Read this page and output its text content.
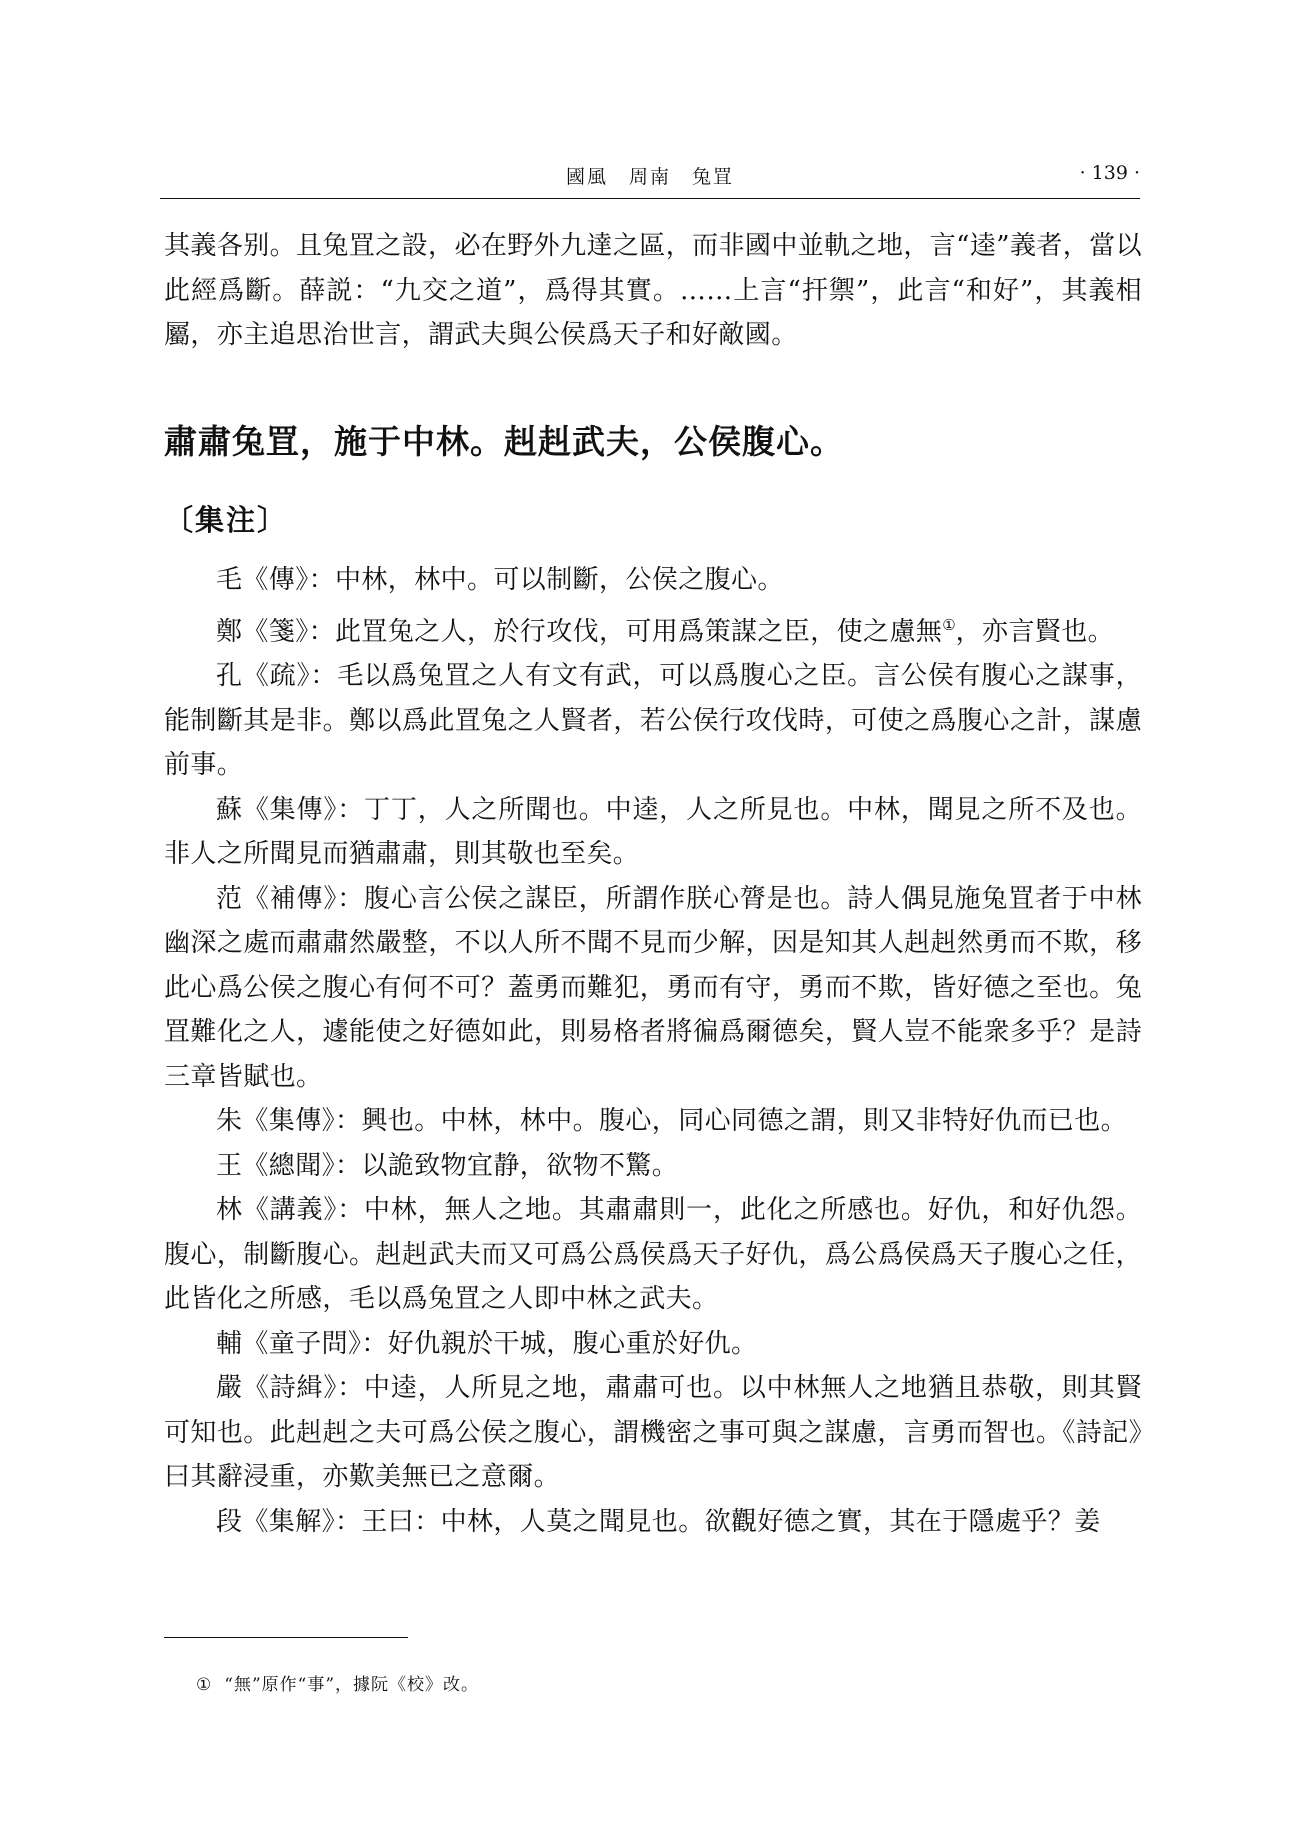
國風　周南　兔罝	· 139 ·

其義各别。且兔罝之設，必在野外九達之區，而非國中並軌之地，言“逵”義者，當以此經爲斷。薛説：“九交之道”，爲得其實。……上言“扞禦”，此言“和好”，其義相屬，亦主追思治世言，謂武夫與公侯爲天子和好敵國。

肅肅兔罝，施于中林。赳赳武夫，公侯腹心。
〔集注〕

毛《傳》：中林，林中。可以制斷，公侯之腹心。

鄭《箋》：此罝兔之人，於行攻伐，可用爲策謀之臣，使之慮無①，亦言賢也。

孔《疏》：毛以爲兔罝之人有文有武，可以爲腹心之臣。言公侯有腹心之謀事，能制斷其是非。鄭以爲此罝兔之人賢者，若公侯行攻伐時，可使之爲腹心之計，謀慮前事。

蘇《集傳》：丁丁，人之所聞也。中逵，人之所見也。中林，聞見之所不及也。非人之所聞見而猶肅肅，則其敬也至矣。

范《補傳》：腹心言公侯之謀臣，所謂作朕心膂是也。詩人偶見施兔罝者于中林幽深之處而肅肅然嚴整，不以人所不聞不見而少解，因是知其人赳赳然勇而不欺，移此心爲公侯之腹心有何不可？蓋勇而難犯，勇而有守，勇而不欺，皆好德之至也。兔罝難化之人，遽能使之好德如此，則易格者將徧爲爾德矣，賢人豈不能衆多乎？是詩三章皆賦也。

朱《集傳》：興也。中林，林中。腹心，同心同德之謂，則又非特好仇而已也。

王《總聞》：以詭致物宜静，欲物不驚。

林《講義》：中林，無人之地。其肅肅則一，此化之所感也。好仇，和好仇怨。腹心，制斷腹心。赳赳武夫而又可爲公爲侯爲天子好仇，爲公爲侯爲天子腹心之任，此皆化之所感，毛以爲兔罝之人即中林之武夫。

輔《童子問》：好仇親於干城，腹心重於好仇。

嚴《詩緝》：中逵，人所見之地，肅肅可也。以中林無人之地猶且恭敬，則其賢可知也。此赳赳之夫可爲公侯之腹心，謂機密之事可與之謀慮，言勇而智也。《詩記》曰其辭浸重，亦歎美無已之意爾。

段《集解》：王曰：中林，人莫之聞見也。欲觀好德之實，其在于隱處乎？姜

① “無”原作“事”，據阮《校》改。
